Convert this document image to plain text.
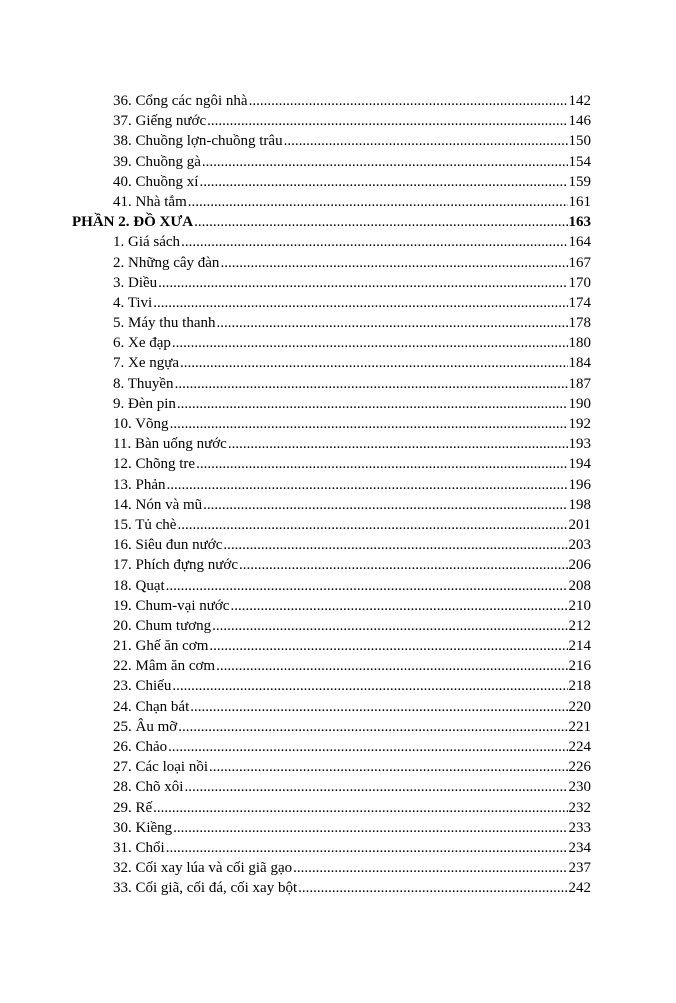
36. Cổng các ngôi nhà .....	142
37. Giếng nước .....	146
38. Chuồng lợn-chuồng trâu .....	150
39. Chuồng gà .....	154
40. Chuồng xí .....	159
41. Nhà tắm .....	161
PHẦN 2. ĐỒ XƯA .....	163
1. Giá sách .....	164
2. Những cây đàn .....	167
3. Diều .....	170
4. Tivi .....	174
5. Máy thu thanh .....	178
6. Xe đạp .....	180
7. Xe ngựa .....	184
8. Thuyền .....	187
9. Đèn pin .....	190
10. Võng .....	192
11. Bàn uống nước .....	193
12. Chõng tre .....	194
13. Phản .....	196
14. Nón và mũ .....	198
15. Tủ chè .....	201
16. Siêu đun nước .....	203
17. Phích đựng nước .....	206
18. Quạt .....	208
19. Chum-vại nước .....	210
20. Chum tương .....	212
21. Ghế ăn cơm .....	214
22. Mâm ăn cơm .....	216
23. Chiếu .....	218
24. Chạn bát .....	220
25. Âu mỡ .....	221
26. Chảo .....	224
27. Các loại nồi .....	226
28. Chõ xôi .....	230
29. Rế .....	232
30. Kiềng .....	233
31. Chổi .....	234
32. Cối xay lúa và cối giã gạo .....	237
33. Cối giã, cối đá, cối xay bột .....	242
